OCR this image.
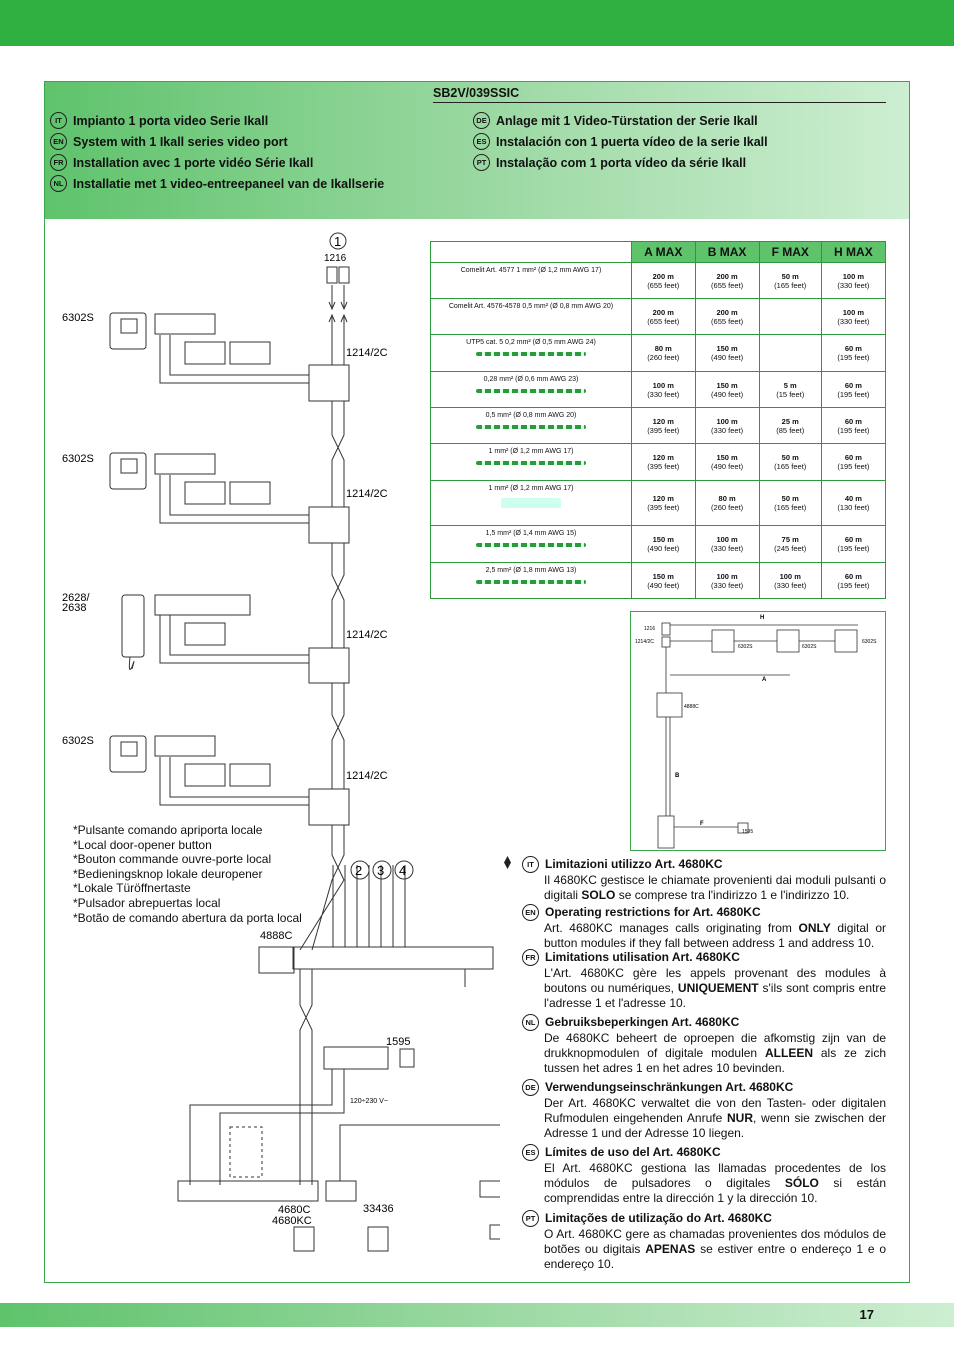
SB2V/039SSIC
IT Impianto 1 porta video Serie Ikall
EN System with 1 Ikall series video port
FR Installation avec 1 porte vidéo Série Ikall
NL Installatie met 1 video-entreepaneel van de Ikallserie
DE Anlage mit 1 Video-Türstation der Serie Ikall
ES Instalación con 1 puerta vídeo de la serie Ikall
PT Instalação com 1 porta vídeo da série Ikall
1216
6302S
6302S
2628/
2638
6302S
1214/2C
1214/2C
1214/2C
1214/2C
4888C
1595
120÷230 V~
4680C
4680KC
33436
1
2 3 4
	A MAX	B MAX	F MAX	H MAX
Comelit Art. 4577 1 mm² (Ø 1,2 mm AWG 17)	200 m
(655 feet)	200 m
(655 feet)	50 m
(165 feet)	100 m
(330 feet)
Comelit Art. 4576-4578 0,5 mm² (Ø 0,8 mm AWG 20)	200 m
(655 feet)	200 m
(655 feet)		100 m
(330 feet)
UTP5 cat. 5 0,2 mm² (Ø 0,5 mm AWG 24)	80 m
(260 feet)	150 m
(490 feet)		60 m
(195 feet)
0,28 mm² (Ø 0,6 mm AWG 23)	100 m
(330 feet)	150 m
(490 feet)	5 m
(15 feet)	60 m
(195 feet)
0,5 mm² (Ø 0,8 mm AWG 20)	120 m
(395 feet)	100 m
(330 feet)	25 m
(85 feet)	60 m
(195 feet)
1 mm² (Ø 1,2 mm AWG 17)	120 m
(395 feet)	150 m
(490 feet)	50 m
(165 feet)	60 m
(195 feet)
1 mm² (Ø 1,2 mm AWG 17)	120 m
(395 feet)	80 m
(260 feet)	50 m
(165 feet)	40 m
(130 feet)
1,5 mm² (Ø 1,4 mm AWG 15)	150 m
(490 feet)	100 m
(330 feet)	75 m
(245 feet)	60 m
(195 feet)
2,5 mm² (Ø 1,8 mm AWG 13)	150 m
(490 feet)	100 m
(330 feet)	100 m
(330 feet)	60 m
(195 feet)
1216
1214/2C
6302S	6302S
6302S
4888C
1595
H
A
B
F
*Pulsante comando apriporta locale
*Local door-opener button
*Bouton commande ouvre-porte local
*Bedieningsknop lokale deuropener
*Lokale Türöffnertaste
*Pulsador abrepuertas local
*Botão de comando abertura da porta local
IT Limitazioni utilizzo Art. 4680KC
Il 4680KC gestisce le chiamate provenienti dai moduli pulsanti o digitali SOLO se comprese tra l'indirizzo 1 e l'indirizzo 10.
EN Operating restrictions for Art. 4680KC
Art. 4680KC manages calls originating from ONLY digital or button modules if they fall between address 1 and address 10.
FR Limitations utilisation Art. 4680KC
L'Art. 4680KC gère les appels provenant des modules à boutons ou numériques, UNIQUEMENT s'ils sont compris entre l'adresse 1 et l'adresse 10.
NL Gebruiksbeperkingen Art. 4680KC
De 4680KC beheert de oproepen die afkomstig zijn van de drukknopmodulen of digitale modulen ALLEEN als ze zich tussen het adres 1 en het adres 10 bevinden.
DE Verwendungseinschränkungen Art. 4680KC
Der Art. 4680KC verwaltet die von den Tasten- oder digitalen Rufmodulen eingehenden Anrufe NUR, wenn sie zwischen der Adresse 1 und der Adresse 10 liegen.
ES Límites de uso del Art. 4680KC
El Art. 4680KC gestiona las llamadas procedentes de los módulos de pulsadores o digitales SÓLO si están comprendidas entre la dirección 1 y la dirección 10.
PT Limitações de utilização do Art. 4680KC
O Art. 4680KC gere as chamadas provenientes dos módulos de botões ou digitais APENAS se estiver entre o endereço 1 e o endereço 10.
17
